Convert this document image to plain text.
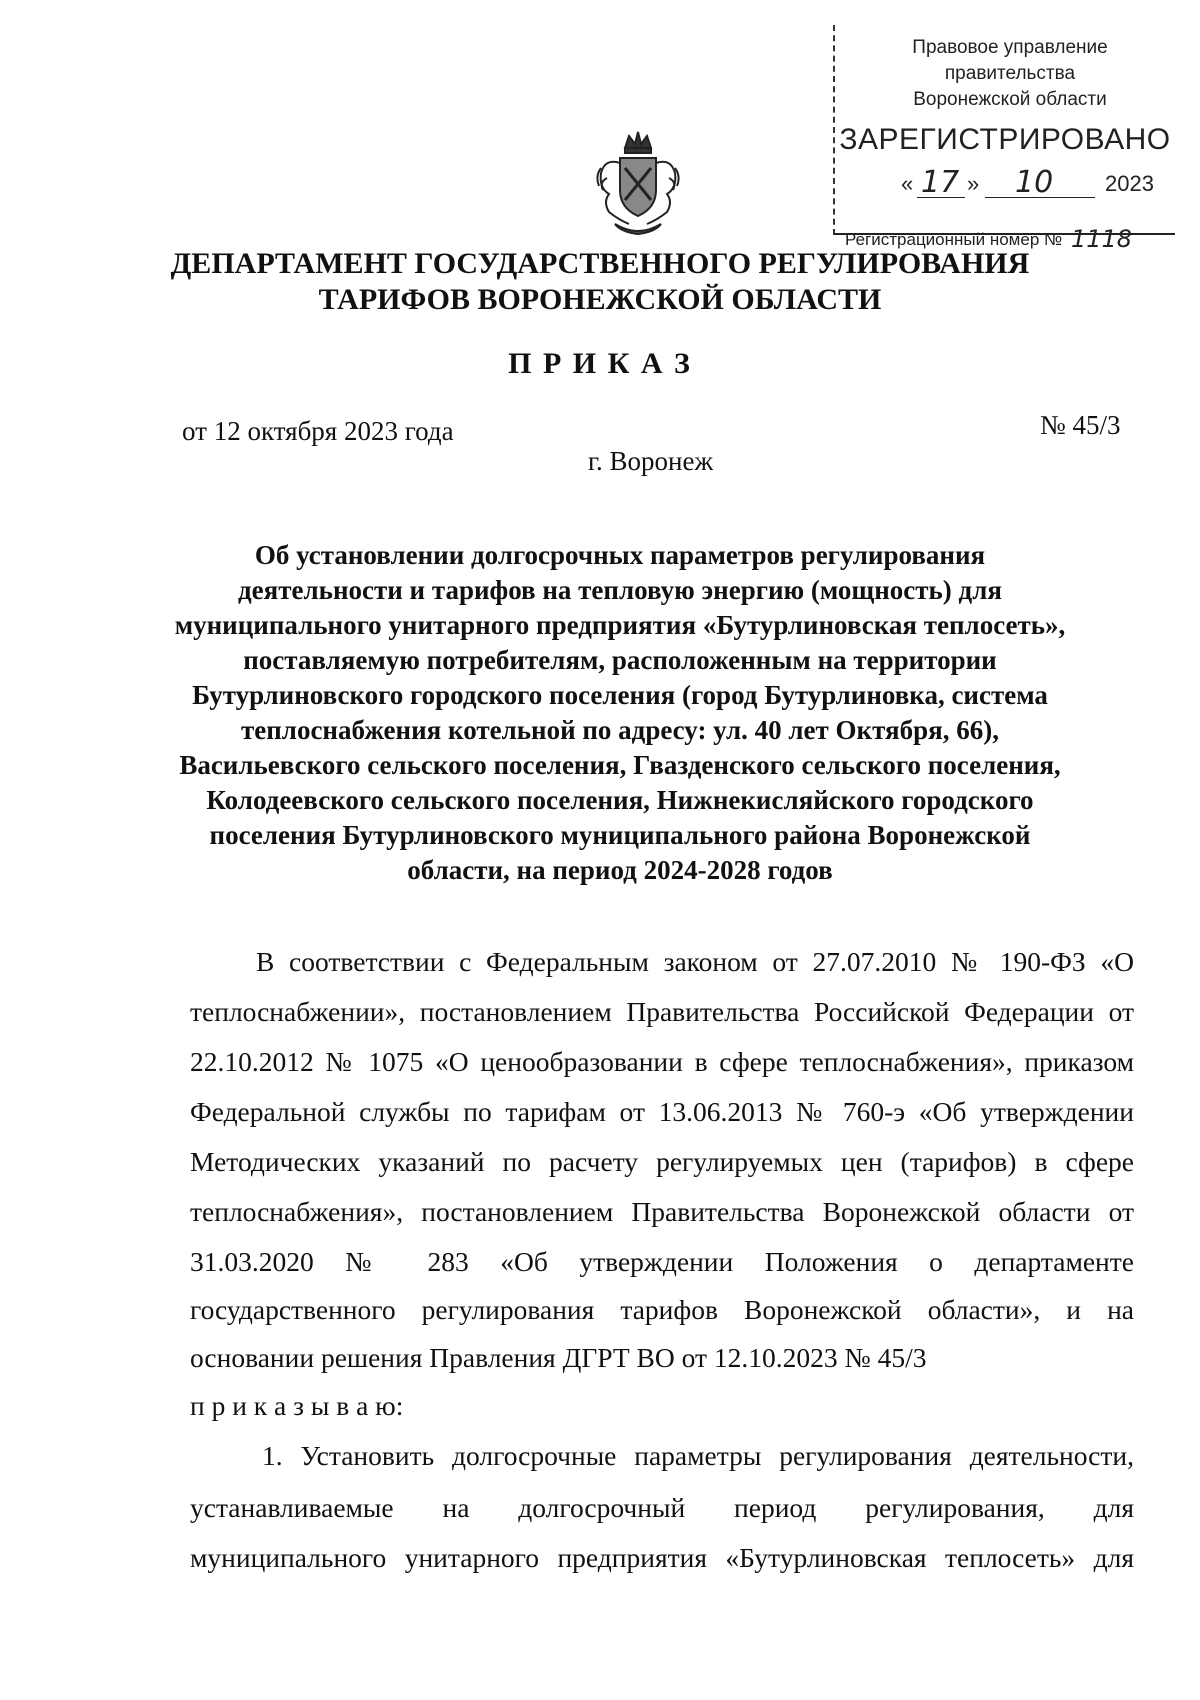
Правовое управление правительства
Воронежской области
ЗАРЕГИСТРИРОВАНО
« 17 » 10 2023
Регистрационный номер № 1118
ДЕПАРТАМЕНТ ГОСУДАРСТВЕННОГО РЕГУЛИРОВАНИЯ
ТАРИФОВ ВОРОНЕЖСКОЙ ОБЛАСТИ
П Р И К А З
от 12 октября 2023 года	№ 45/3
г. Воронеж
Об установлении долгосрочных параметров регулирования
деятельности и тарифов на тепловую энергию (мощность) для
муниципального унитарного предприятия «Бутурлиновская теплосеть»,
поставляемую потребителям, расположенным на территории
Бутурлиновского городского поселения (город Бутурлиновка, система
теплоснабжения котельной по адресу: ул. 40 лет Октября, 66),
Васильевского сельского поселения, Гвазденского сельского поселения,
Колодеевского сельского поселения, Нижнекисляйского городского
поселения Бутурлиновского муниципального района Воронежской
области, на период 2024-2028 годов
В соответствии с Федеральным законом от 27.07.2010 № 190-ФЗ «О
теплоснабжении», постановлением Правительства Российской Федерации от
22.10.2012 № 1075 «О ценообразовании в сфере теплоснабжения», приказом
Федеральной службы по тарифам от 13.06.2013 № 760-э «Об утверждении
Методических указаний по расчету регулируемых цен (тарифов) в сфере
теплоснабжения», постановлением Правительства Воронежской области от
31.03.2020 № 283 «Об утверждении Положения о департаменте
государственного регулирования тарифов Воронежской области», и на
основании решения Правления ДГРТ ВО от 12.10.2023 № 45/3
п р и к а з ы в а ю:
1. Установить долгосрочные параметры регулирования деятельности,
устанавливаемые на долгосрочный период регулирования, для
муниципального унитарного предприятия «Бутурлиновская теплосеть» для
